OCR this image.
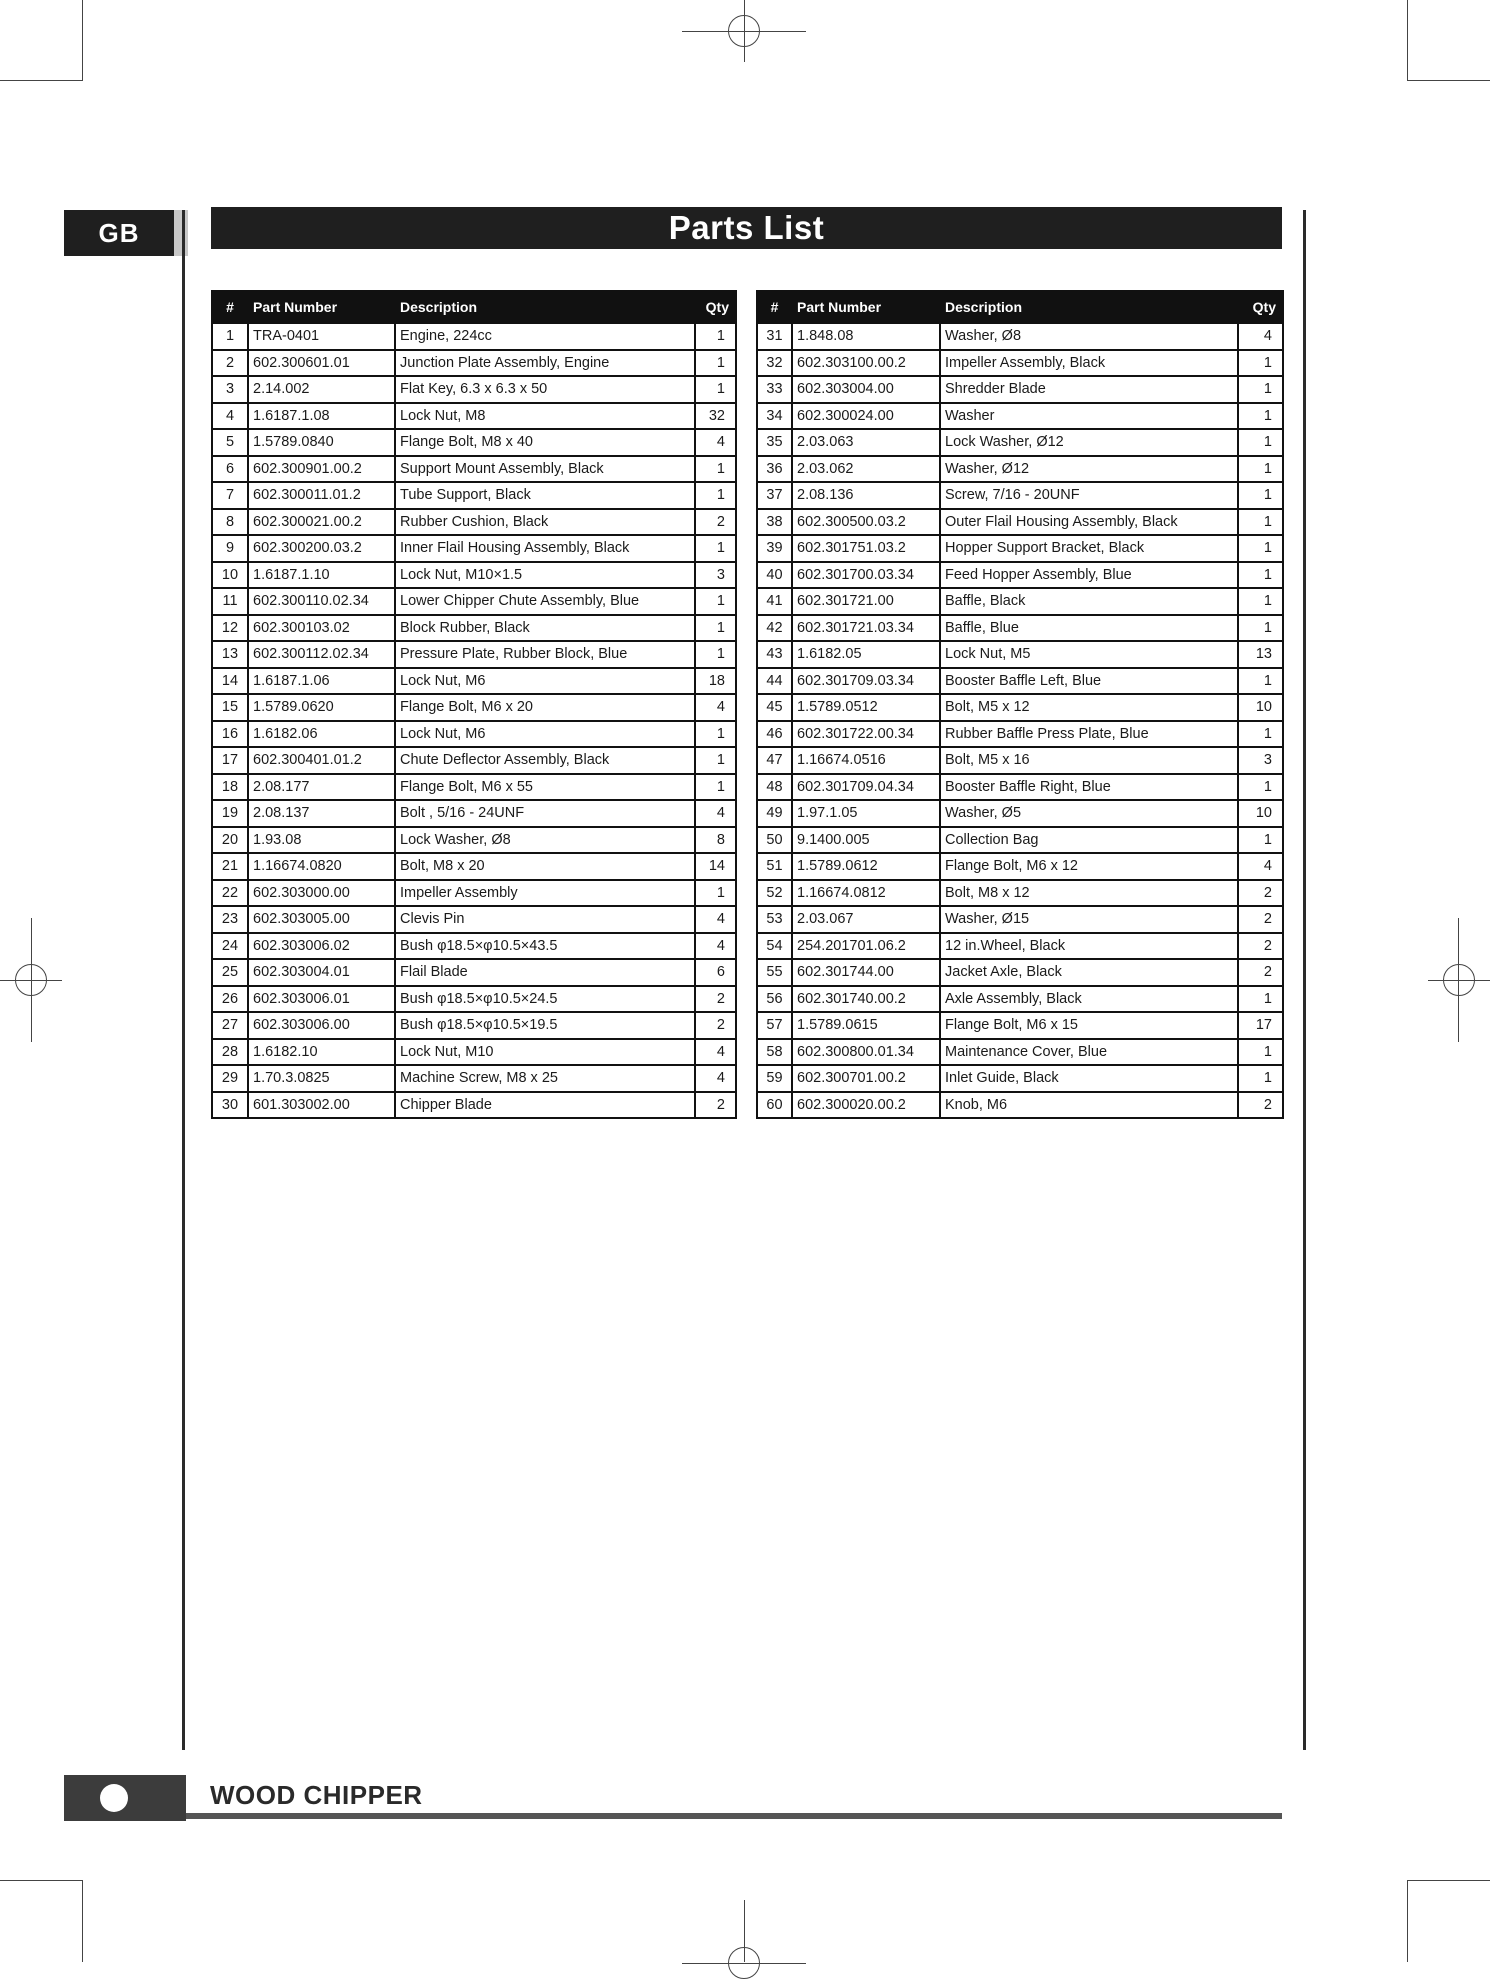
GB	Parts List
#	Part Number	Description	Qty
1	TRA-0401	Engine, 224cc	1
2	602.300601.01	Junction Plate Assembly, Engine	1
3	2.14.002	Flat Key, 6.3 x 6.3 x 50	1
4	1.6187.1.08	Lock Nut, M8	32
5	1.5789.0840	Flange Bolt, M8 x 40	4
6	602.300901.00.2	Support Mount Assembly, Black	1
7	602.300011.01.2	Tube Support, Black	1
8	602.300021.00.2	Rubber Cushion, Black	2
9	602.300200.03.2	Inner Flail Housing Assembly, Black	1
10	1.6187.1.10	Lock Nut, M10×1.5	3
11	602.300110.02.34	Lower Chipper Chute Assembly, Blue	1
12	602.300103.02	Block Rubber, Black	1
13	602.300112.02.34	Pressure Plate, Rubber Block, Blue	1
14	1.6187.1.06	Lock Nut, M6	18
15	1.5789.0620	Flange Bolt, M6 x 20	4
16	1.6182.06	Lock Nut, M6	1
17	602.300401.01.2	Chute Deflector Assembly, Black	1
18	2.08.177	Flange Bolt, M6 x 55	1
19	2.08.137	Bolt , 5/16 - 24UNF	4
20	1.93.08	Lock Washer, Ø8	8
21	1.16674.0820	Bolt, M8 x 20	14
22	602.303000.00	Impeller Assembly	1
23	602.303005.00	Clevis Pin	4
24	602.303006.02	Bush φ18.5×φ10.5×43.5	4
25	602.303004.01	Flail Blade	6
26	602.303006.01	Bush φ18.5×φ10.5×24.5	2
27	602.303006.00	Bush φ18.5×φ10.5×19.5	2
28	1.6182.10	Lock Nut, M10	4
29	1.70.3.0825	Machine Screw, M8 x 25	4
30	601.303002.00	Chipper Blade	2
#	Part Number	Description	Qty
31	1.848.08	Washer, Ø8	4
32	602.303100.00.2	Impeller Assembly, Black	1
33	602.303004.00	Shredder Blade	1
34	602.300024.00	Washer	1
35	2.03.063	Lock Washer, Ø12	1
36	2.03.062	Washer, Ø12	1
37	2.08.136	Screw, 7/16 - 20UNF	1
38	602.300500.03.2	Outer Flail Housing Assembly, Black	1
39	602.301751.03.2	Hopper Support Bracket, Black	1
40	602.301700.03.34	Feed Hopper Assembly, Blue	1
41	602.301721.00	Baffle, Black	1
42	602.301721.03.34	Baffle, Blue	1
43	1.6182.05	Lock Nut, M5	13
44	602.301709.03.34	Booster Baffle Left, Blue	1
45	1.5789.0512	Bolt, M5 x 12	10
46	602.301722.00.34	Rubber Baffle Press Plate, Blue	1
47	1.16674.0516	Bolt, M5 x 16	3
48	602.301709.04.34	Booster Baffle Right, Blue	1
49	1.97.1.05	Washer, Ø5	10
50	9.1400.005	Collection Bag	1
51	1.5789.0612	Flange Bolt, M6 x 12	4
52	1.16674.0812	Bolt, M8 x 12	2
53	2.03.067	Washer, Ø15	2
54	254.201701.06.2	12 in.Wheel, Black	2
55	602.301744.00	Jacket Axle, Black	2
56	602.301740.00.2	Axle Assembly, Black	1
57	1.5789.0615	Flange Bolt, M6 x 15	17
58	602.300800.01.34	Maintenance Cover, Blue	1
59	602.300701.00.2	Inlet Guide, Black	1
60	602.300020.00.2	Knob, M6	2
WOOD CHIPPER
